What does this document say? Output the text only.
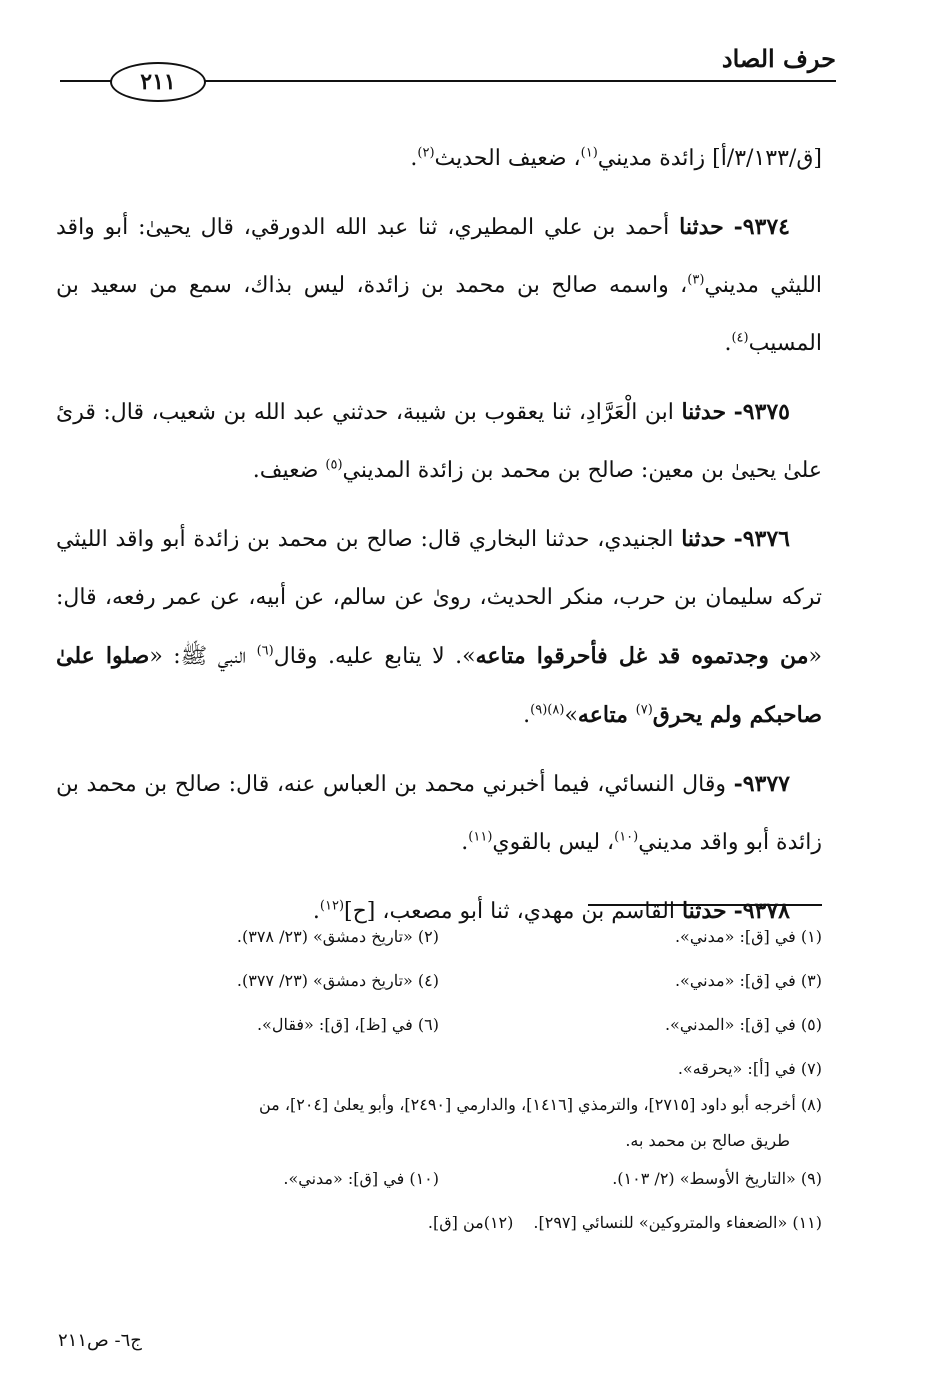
حرف الصاد
٢١١

[ق/٣/١٣٣/أ] زائدة مديني$^{(١)}$، ضعيف الحديث$^{(٢)}$.

٩٣٧٤- حدثنا أحمد بن علي المطيري، ثنا عبد الله الدورقي، قال يحيىٰ: أبو واقد الليثي مديني$^{(٣)}$، واسمه صالح بن محمد بن زائدة، ليس بذاك، سمع من سعيد بن المسيب$^{(٤)}$.

٩٣٧٥- حدثنا ابن الْعَرَّادِ، ثنا يعقوب بن شيبة، حدثني عبد الله بن شعيب، قال: قرئ علىٰ يحيىٰ بن معين: صالح بن محمد بن زائدة المديني$^{(٥)}$ ضعيف.

٩٣٧٦- حدثنا الجنيدي، حدثنا البخاري قال: صالح بن محمد بن زائدة أبو واقد الليثي تركه سليمان بن حرب، منكر الحديث، روىٰ عن سالم، عن أبيه، عن عمر رفعه، قال: «من وجدتموه قد غل فأحرقوا متاعه». لا يتابع عليه. وقال$^{(٦)}$ النبي ﷺ: «صلوا علىٰ صاحبكم ولم يحرق$^{(٧)}$ متاعه»$^{(٨)(٩)}$.

٩٣٧٧- وقال النسائي، فيما أخبرني محمد بن العباس عنه، قال: صالح بن محمد بن زائدة أبو واقد مديني$^{(١٠)}$، ليس بالقوي$^{(١١)}$.

٩٣٧٨- حدثنا القاسم بن مهدي، ثنا أبو مصعب، [ح]$^{(١٢)}$.

(١) في [ق]: «مدني».
(٢) «تاريخ دمشق» (٢٣/ ٣٧٨).
(٣) في [ق]: «مدني».
(٤) «تاريخ دمشق» (٢٣/ ٣٧٧).
(٥) في [ق]: «المدني».
(٦) في [ظ]، [ق]: «فقال».
(٧) في [أ]: «يحرقه».
(٨) أخرجه أبو داود [٢٧١٥]، والترمذي [١٤١٦]، والدارمي [٢٤٩٠]، وأبو يعلىٰ [٢٠٤]، من
طريق صالح بن محمد به.
(٩) «التاريخ الأوسط» (٢/ ١٠٣).
(١٠) في [ق]: «مدني».
(١١) «الضعفاء والمتروكين» للنسائي [٢٩٧].
(١٢)من [ق].
ج٦- ص٢١١
